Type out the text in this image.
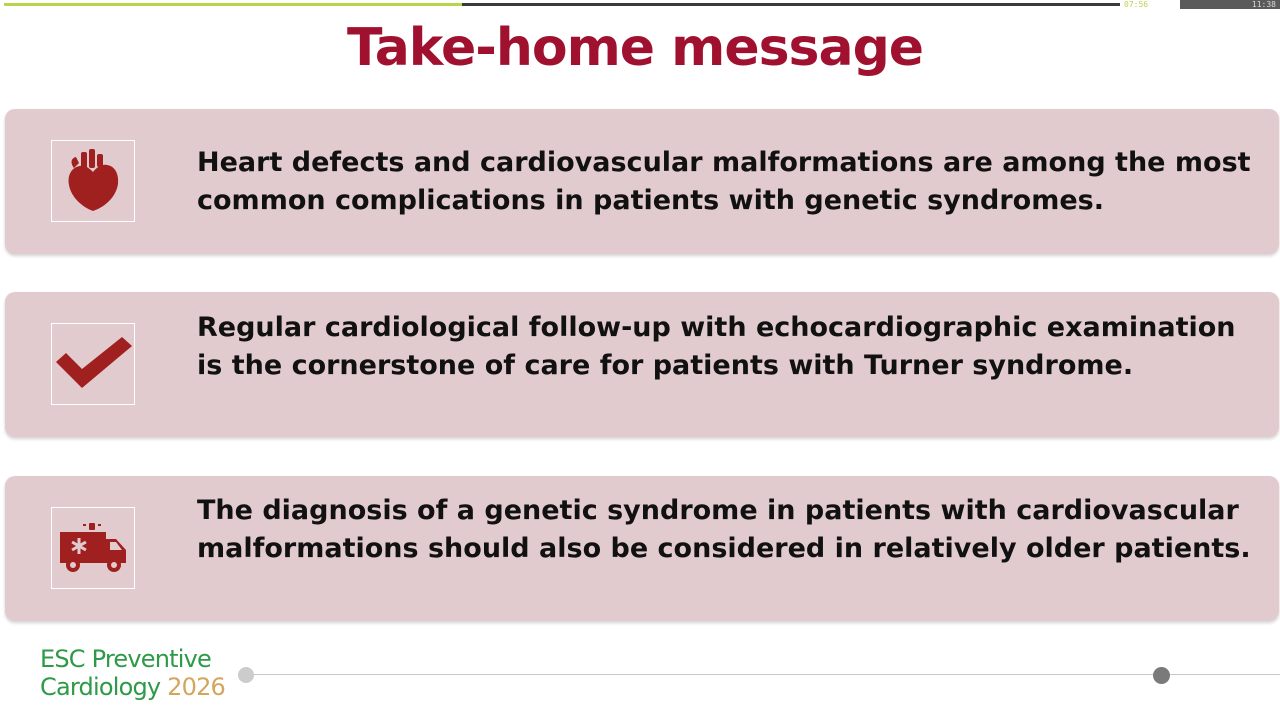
07:56	11:38
Take-home message
Heart defects and cardiovascular malformations are among the most common complications in patients with genetic syndromes.
Regular cardiological follow-up with echocardiographic examination is the cornerstone of care for patients with Turner syndrome.
The diagnosis of a genetic syndrome in patients with cardiovascular malformations should also be considered in relatively older patients.
ESC Preventive
Cardiology 2026
